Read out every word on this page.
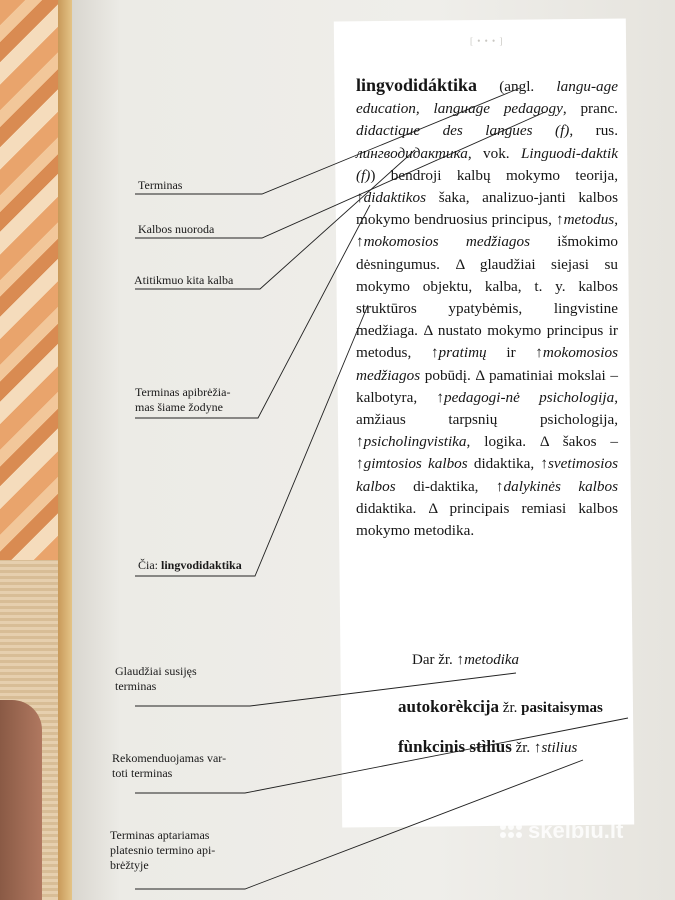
[ • • • ]
Terminas
Kalbos nuoroda
Atitikmuo kita kalba
Terminas apibrėžia-
mas šiame žodyne
Čia: lingvodidaktika
Glaudžiai susijęs
terminas
Rekomenduojamas var-
toti terminas
Terminas aptariamas
platesnio termino api-
brėžtyje
lingvodidáktika (angl. langu-age education, language pedagogy, pranc. didactique des langues (f), rus. лингводидактика, vok. Linguodi-daktik (f)) bendroji kalbų mokymo teorija, ↑didaktikos šaka, analizuo-janti kalbos mokymo bendruosius principus, ↑metodus, ↑mokomosios medžiagos išmokimo dėsningumus. Δ glaudžiai siejasi su mokymo objektu, kalba, t. y. kalbos struktūros ypatybėmis, lingvistine medžiaga. Δ nustato mokymo principus ir metodus, ↑pratimų ir ↑mokomosios medžiagos pobūdį. Δ pamatiniai mokslai – kalbotyra, ↑pedagogi-nė psichologija, amžiaus tarpsnių psichologija, ↑psicholingvistika, logika. Δ šakos – ↑gimtosios kalbos didaktika, ↑svetimosios kalbos di-daktika, ↑dalykinės kalbos didaktika. Δ principais remiasi kalbos mokymo metodika.
Dar žr. ↑metodika
autokorèkcija žr. pasitaisymas
fùnkcinis stìlius žr. ↑stilius
skelbiu.lt
